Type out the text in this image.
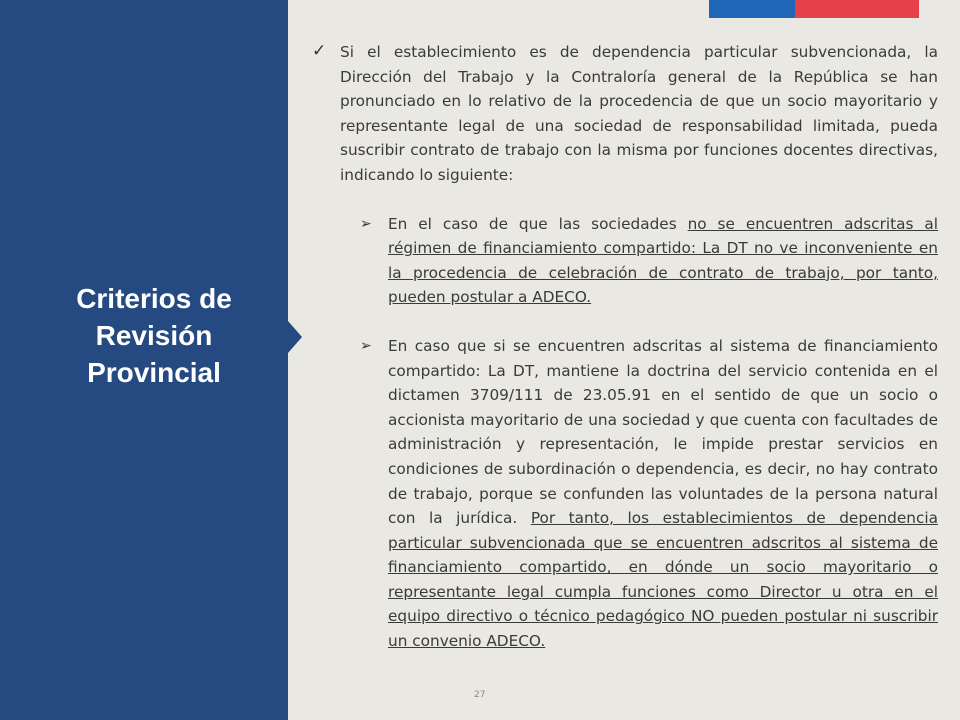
Criterios de
Revisión
Provincial

✓ Si el establecimiento es de dependencia particular subvencionada, la Dirección del Trabajo y la Contraloría general de la República se han pronunciado en lo relativo de la procedencia de que un socio mayoritario y representante legal de una sociedad de responsabilidad limitada, pueda suscribir contrato de trabajo con la misma por funciones docentes directivas, indicando lo siguiente:

➢ En el caso de que las sociedades no se encuentren adscritas al régimen de financiamiento compartido: La DT no ve inconveniente en la procedencia de celebración de contrato de trabajo, por tanto, pueden postular a ADECO.

➢ En caso que si se encuentren adscritas al sistema de financiamiento compartido: La DT, mantiene la doctrina del servicio contenida en el dictamen 3709/111 de 23.05.91 en el sentido de que un socio o accionista mayoritario de una sociedad y que cuenta con facultades de administración y representación, le impide prestar servicios en condiciones de subordinación o dependencia, es decir, no hay contrato de trabajo, porque se confunden las voluntades de la persona natural con la jurídica. Por tanto, los establecimientos de dependencia particular subvencionada que se encuentren adscritos al sistema de financiamiento compartido, en dónde un socio mayoritario o representante legal cumpla funciones como Director u otra en el equipo directivo o técnico pedagógico NO pueden postular ni suscribir un convenio ADECO.

27
